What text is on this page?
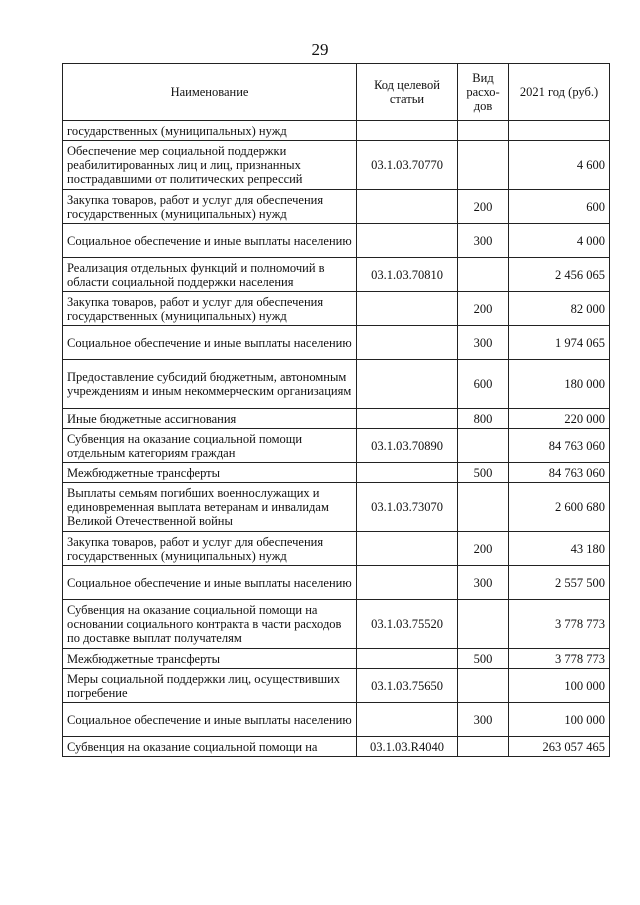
29
Наименование	Код целевой статьи	Вид расхо-дов	2021 год (руб.)
государственных (муниципальных) нужд			
Обеспечение мер социальной поддержки реабилитированных лиц и лиц, признанных пострадавшими от политических репрессий	03.1.03.70770		4 600
Закупка товаров, работ и услуг для обеспечения государственных (муниципальных) нужд		200	600
Социальное обеспечение и иные выплаты населению		300	4 000
Реализация отдельных функций и полномочий в области социальной поддержки населения	03.1.03.70810		2 456 065
Закупка товаров, работ и услуг для обеспечения государственных (муниципальных) нужд		200	82 000
Социальное обеспечение и иные выплаты населению		300	1 974 065
Предоставление субсидий бюджетным, автономным учреждениям и иным некоммерческим организациям		600	180 000
Иные бюджетные ассигнования		800	220 000
Субвенция на оказание социальной помощи отдельным категориям граждан	03.1.03.70890		84 763 060
Межбюджетные трансферты		500	84 763 060
Выплаты семьям погибших военнослужащих и единовременная выплата ветеранам и инвалидам Великой Отечественной войны	03.1.03.73070		2 600 680
Закупка товаров, работ и услуг для обеспечения государственных (муниципальных) нужд		200	43 180
Социальное обеспечение и иные выплаты населению		300	2 557 500
Субвенция на оказание социальной помощи на основании социального контракта в части расходов по доставке выплат получателям	03.1.03.75520		3 778 773
Межбюджетные трансферты		500	3 778 773
Меры социальной поддержки лиц, осуществивших погребение	03.1.03.75650		100 000
Социальное обеспечение и иные выплаты населению		300	100 000
Субвенция на оказание социальной помощи на	03.1.03.R4040		263 057 465
